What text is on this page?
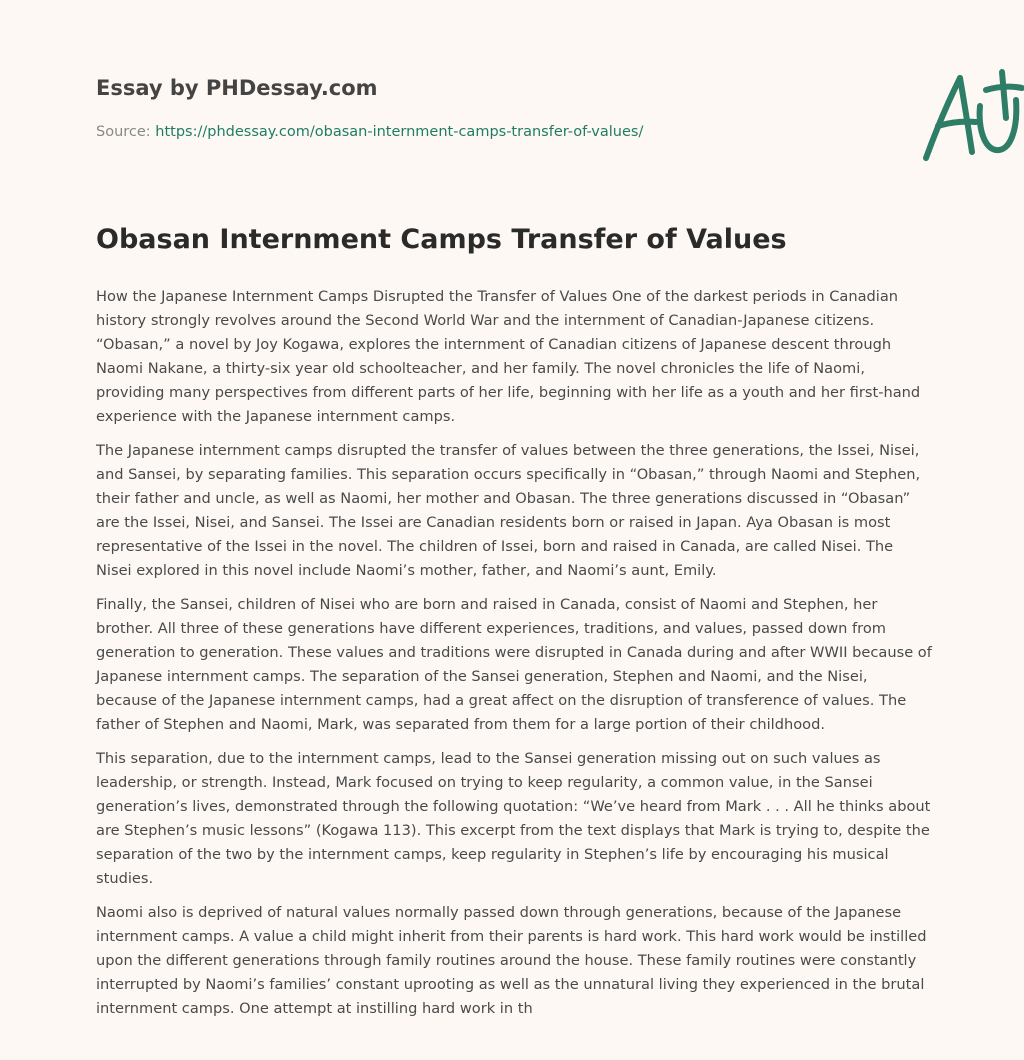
Essay by PHDessay.com
Source: https://phdessay.com/obasan-internment-camps-transfer-of-values/
Obasan Internment Camps Transfer of Values

How the Japanese Internment Camps Disrupted the Transfer of Values One of the darkest periods in Canadian history strongly revolves around the Second World War and the internment of Canadian-Japanese citizens. “Obasan,” a novel by Joy Kogawa, explores the internment of Canadian citizens of Japanese descent through Naomi Nakane, a thirty-six year old schoolteacher, and her family. The novel chronicles the life of Naomi, providing many perspectives from different parts of her life, beginning with her life as a youth and her first-hand experience with the Japanese internment camps.

The Japanese internment camps disrupted the transfer of values between the three generations, the Issei, Nisei, and Sansei, by separating families. This separation occurs specifically in “Obasan,” through Naomi and Stephen, their father and uncle, as well as Naomi, her mother and Obasan. The three generations discussed in “Obasan” are the Issei, Nisei, and Sansei. The Issei are Canadian residents born or raised in Japan. Aya Obasan is most representative of the Issei in the novel. The children of Issei, born and raised in Canada, are called Nisei. The Nisei explored in this novel include Naomi’s mother, father, and Naomi’s aunt, Emily.

Finally, the Sansei, children of Nisei who are born and raised in Canada, consist of Naomi and Stephen, her brother. All three of these generations have different experiences, traditions, and values, passed down from generation to generation. These values and traditions were disrupted in Canada during and after WWII because of Japanese internment camps. The separation of the Sansei generation, Stephen and Naomi, and the Nisei, because of the Japanese internment camps, had a great affect on the disruption of transference of values. The father of Stephen and Naomi, Mark, was separated from them for a large portion of their childhood.

This separation, due to the internment camps, lead to the Sansei generation missing out on such values as leadership, or strength. Instead, Mark focused on trying to keep regularity, a common value, in the Sansei generation’s lives, demonstrated through the following quotation: “We’ve heard from Mark . . . All he thinks about are Stephen’s music lessons” (Kogawa 113). This excerpt from the text displays that Mark is trying to, despite the separation of the two by the internment camps, keep regularity in Stephen’s life by encouraging his musical studies.

Naomi also is deprived of natural values normally passed down through generations, because of the Japanese internment camps. A value a child might inherit from their parents is hard work. This hard work would be instilled upon the different generations through family routines around the house. These family routines were constantly interrupted by Naomi’s families’ constant uprooting as well as the unnatural living they experienced in the brutal internment camps. One attempt at instilling hard work in th
